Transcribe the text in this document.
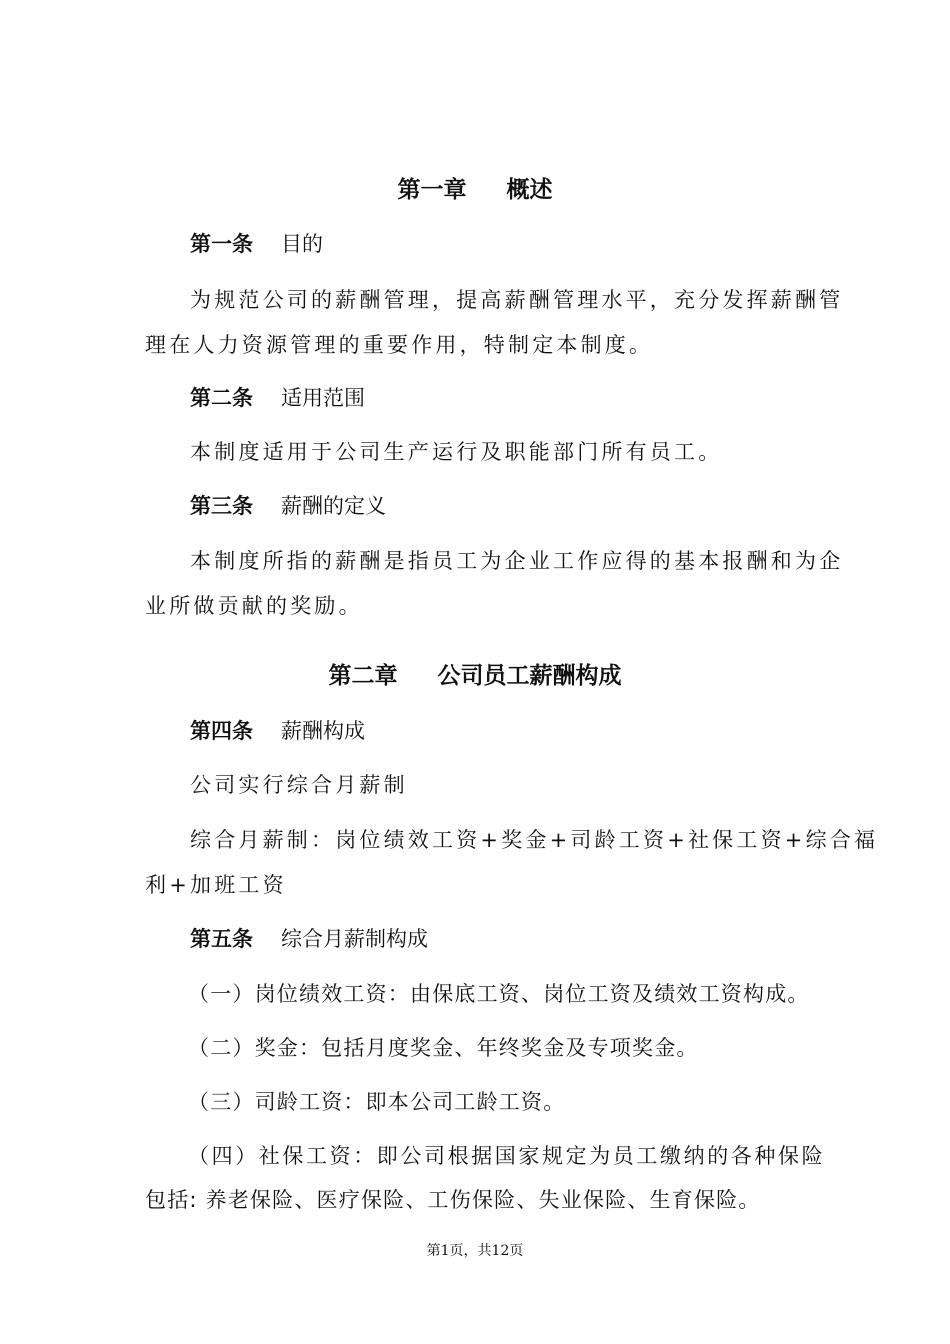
第一章 概述
第一条 目的
为规范公司的薪酬管理，提高薪酬管理水平，充分发挥薪酬管
理在人力资源管理的重要作用，特制定本制度。
第二条 适用范围
本制度适用于公司生产运行及职能部门所有员工。
第三条 薪酬的定义
本制度所指的薪酬是指员工为企业工作应得的基本报酬和为企
业所做贡献的奖励。
第二章 公司员工薪酬构成
第四条 薪酬构成
公司实行综合月薪制
综合月薪制：岗位绩效工资+奖金+司龄工资+社保工资+综合福
利+加班工资
第五条 综合月薪制构成
（一）岗位绩效工资：由保底工资、岗位工资及绩效工资构成。
（二）奖金：包括月度奖金、年终奖金及专项奖金。
（三）司龄工资：即本公司工龄工资。
（四）社保工资：即公司根据国家规定为员工缴纳的各种保险
包括: 养老保险、医疗保险、工伤保险、失业保险、生育保险。
第1页，共12页
